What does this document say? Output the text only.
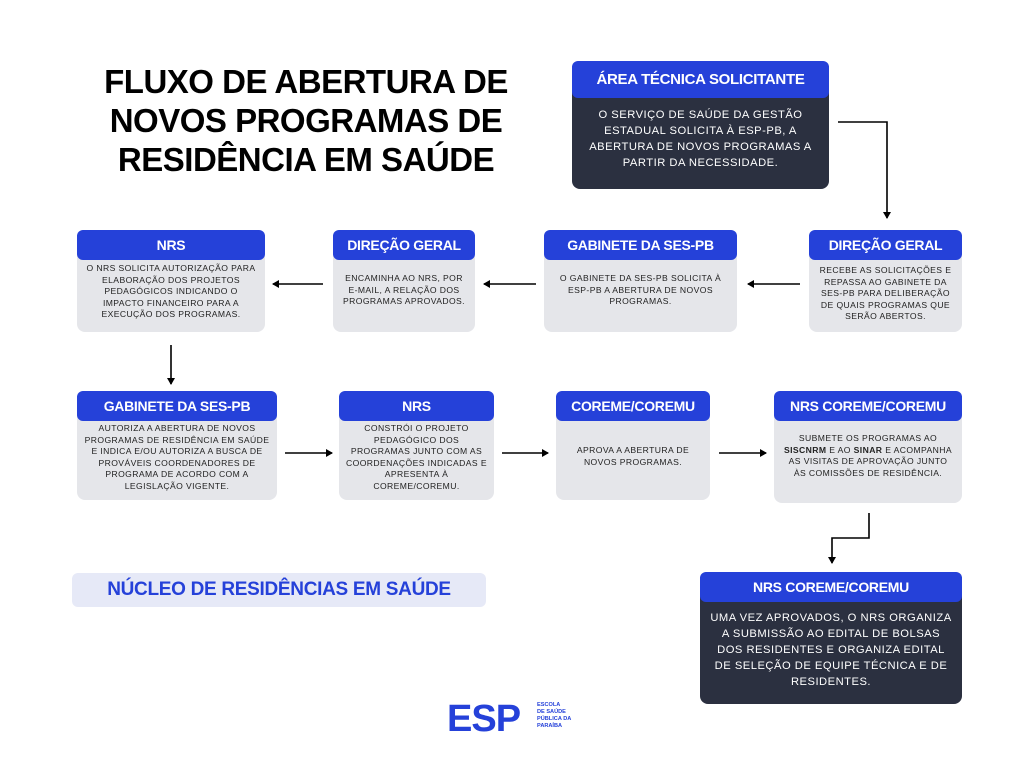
FLUXO DE ABERTURA DE
NOVOS PROGRAMAS DE
RESIDÊNCIA EM SAÚDE
ÁREA TÉCNICA SOLICITANTE
O SERVIÇO DE SAÚDE DA GESTÃO ESTADUAL SOLICITA À ESP-PB, A ABERTURA DE NOVOS PROGRAMAS A PARTIR DA NECESSIDADE.
DIREÇÃO GERAL
RECEBE AS SOLICITAÇÕES E REPASSA AO GABINETE DA SES-PB PARA DELIBERAÇÃO DE QUAIS PROGRAMAS QUE SERÃO ABERTOS.
GABINETE DA SES-PB
O GABINETE DA SES-PB SOLICITA À ESP-PB A ABERTURA DE NOVOS PROGRAMAS.
DIREÇÃO GERAL
ENCAMINHA AO NRS, POR E-MAIL, A RELAÇÃO DOS PROGRAMAS APROVADOS.
NRS
O NRS SOLICITA AUTORIZAÇÃO PARA ELABORAÇÃO DOS PROJETOS PEDAGÓGICOS INDICANDO O IMPACTO FINANCEIRO PARA A EXECUÇÃO DOS PROGRAMAS.
GABINETE DA SES-PB
AUTORIZA A ABERTURA DE NOVOS PROGRAMAS DE RESIDÊNCIA EM SAÚDE E INDICA E/OU AUTORIZA A BUSCA DE PROVÁVEIS COORDENADORES DE PROGRAMA DE ACORDO COM A LEGISLAÇÃO VIGENTE.
NRS
CONSTRÓI O PROJETO PEDAGÓGICO DOS PROGRAMAS JUNTO COM AS COORDENAÇÕES INDICADAS E APRESENTA À COREME/COREMU.
COREME/COREMU
APROVA A ABERTURA DE NOVOS PROGRAMAS.
NRS COREME/COREMU
SUBMETE OS PROGRAMAS AO SISCNRM E AO SINAR E ACOMPANHA AS VISITAS DE APROVAÇÃO JUNTO ÀS COMISSÕES DE RESIDÊNCIA.
NRS COREME/COREMU
UMA VEZ APROVADOS, O NRS ORGANIZA A SUBMISSÃO AO EDITAL DE BOLSAS DOS RESIDENTES E ORGANIZA EDITAL DE SELEÇÃO DE EQUIPE TÉCNICA E DE RESIDENTES.
NÚCLEO DE RESIDÊNCIAS EM SAÚDE
ESP	ESCOLA
DE SAÚDE
PÚBLICA DA
PARAÍBA
